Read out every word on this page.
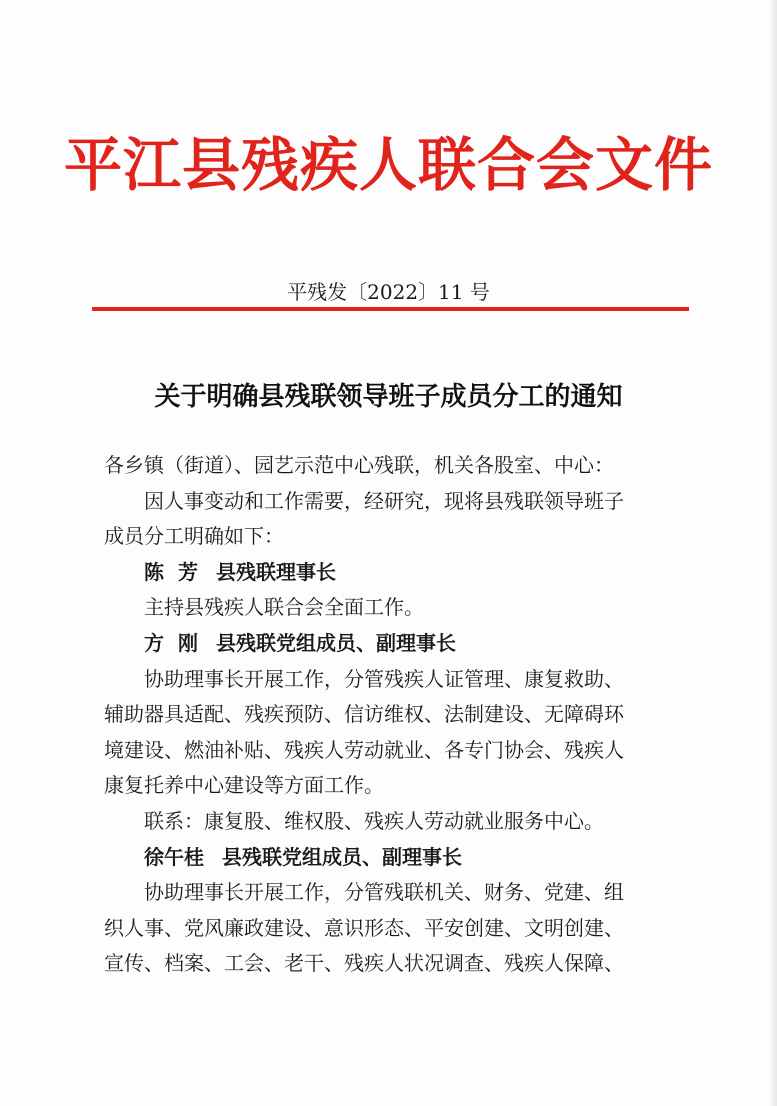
平江县残疾人联合会文件
平残发〔2022〕11 号
关于明确县残联领导班子成员分工的通知
各乡镇（街道）、园艺示范中心残联，机关各股室、中心：
因人事变动和工作需要，经研究，现将县残联领导班子
成员分工明确如下：
陈 芳 县残联理事长
主持县残疾人联合会全面工作。
方 刚 县残联党组成员、副理事长
协助理事长开展工作，分管残疾人证管理、康复救助、
辅助器具适配、残疾预防、信访维权、法制建设、无障碍环
境建设、燃油补贴、残疾人劳动就业、各专门协会、残疾人
康复托养中心建设等方面工作。
联系：康复股、维权股、残疾人劳动就业服务中心。
徐午桂 县残联党组成员、副理事长
协助理事长开展工作，分管残联机关、财务、党建、组
织人事、党风廉政建设、意识形态、平安创建、文明创建、
宣传、档案、工会、老干、残疾人状况调查、残疾人保障、
